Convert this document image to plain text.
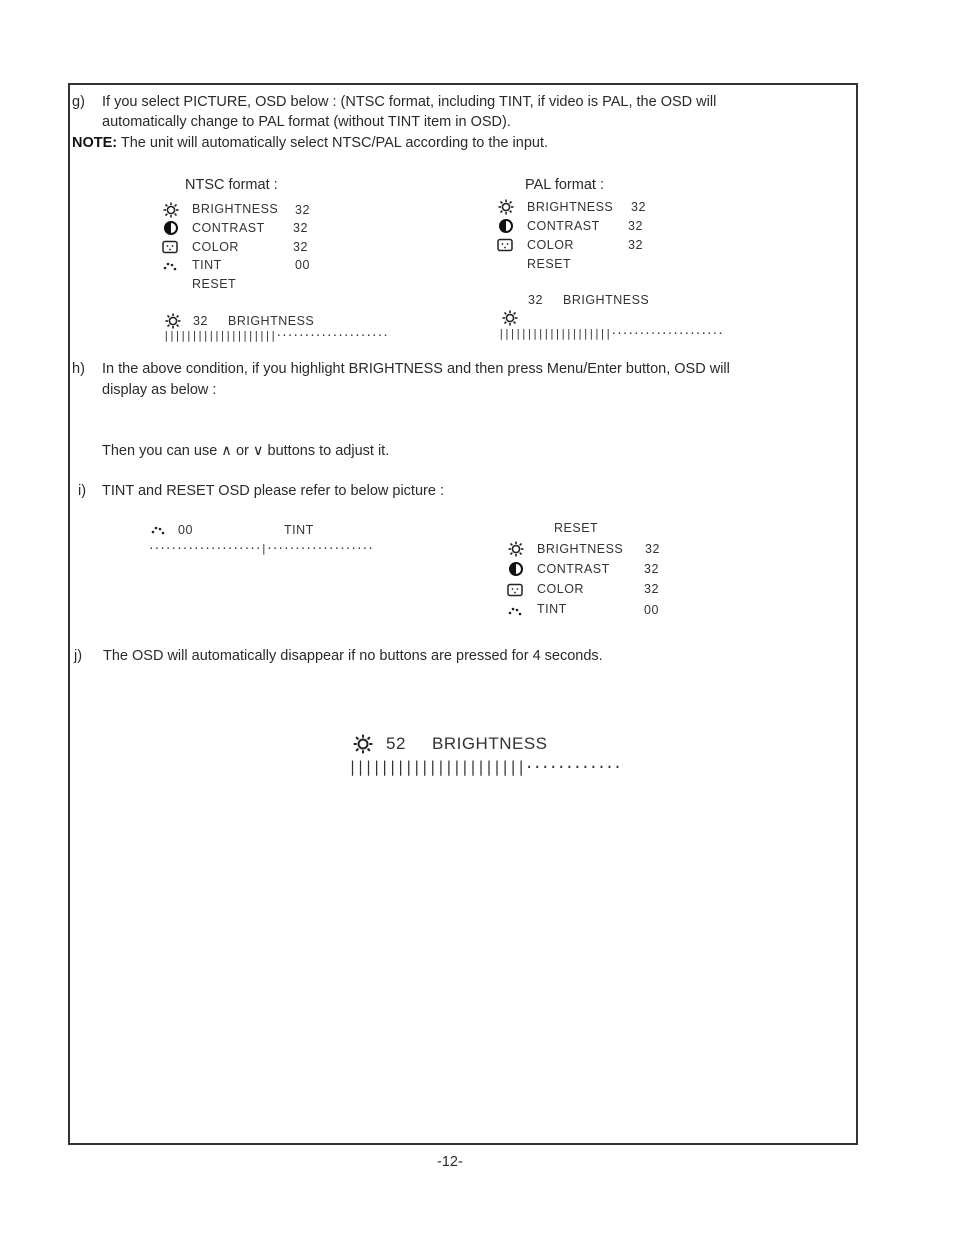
g) If you select PICTURE, OSD below : (NTSC format, including TINT, if video is PAL, the OSD will
automatically change to PAL format (without TINT item in OSD).
NOTE: The unit will automatically select NTSC/PAL according to the input.
NTSC format :
BRIGHTNESS 32
CONTRAST 32
COLOR	32
TINT	00
RESET
32 BRIGHTNESS
||||||||||||||||||||····················
PAL format :
BRIGHTNESS 32
CONTRAST 32
COLOR	32
RESET
32 BRIGHTNESS
||||||||||||||||||||····················
h) In the above condition, if you highlight BRIGHTNESS and then press Menu/Enter button, OSD will
display as below :
Then you can use ∧ or ∨ buttons to adjust it.
i) TINT and RESET OSD please refer to below picture :
00	TINT
····················|···················
RESET
BRIGHTNESS 32
CONTRAST	32
COLOR	32
TINT	00
j) The OSD will automatically disappear if no buttons are pressed for 4 seconds.
52 BRIGHTNESS
||||||||||||||||||||||············
-12-
